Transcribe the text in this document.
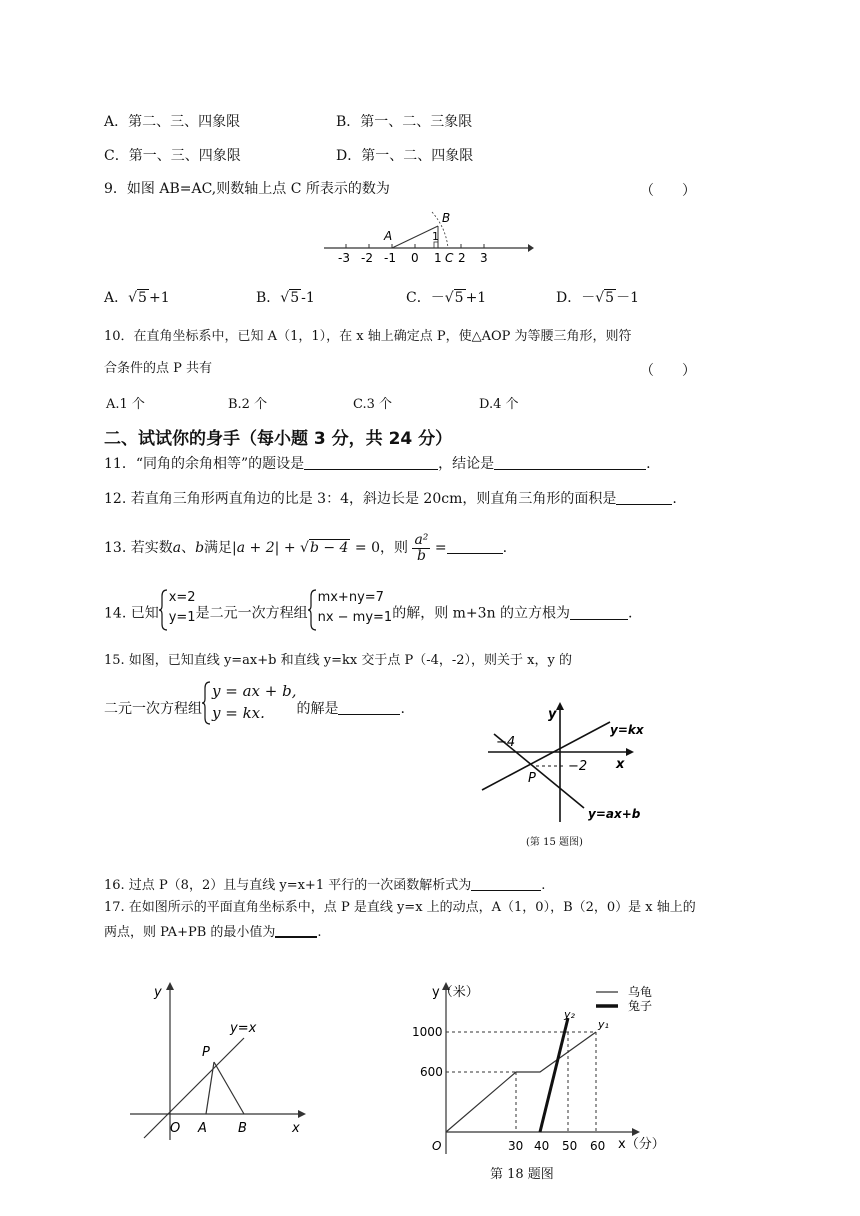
A．第二、三、四象限	B．第一、二、三象限
C．第一、三、四象限	D．第一、二、四象限
9．如图 AB=AC,则数轴上点 C 所表示的数为	（　　）
A
B
1
-3 -2 -1 0 1 C 2 3
A．√5 +1	B．√5 -1	C．－√5 +1	D．－√5 －1
10．在直角坐标系中，已知 A（1，1），在 x 轴上确定点 P，使△AOP 为等腰三角形，则符
合条件的点 P 共有	（　　）
A.1 个	B.2 个	C.3 个	D.4 个
二、试试你的身手（每小题 3 分，共 24 分）
11．“同角的余角相等”的题设是	，结论是	.
12. 若直角三角形两直角边的比是 3：4，斜边长是 20cm，则直角三角形的面积是	.
13. 若实数a、b满足|a + 2| + √b − 4 = 0，则 $\frac{\text{a²}}{b}$ =	.
14. 已知
x=2
y=1 是二元一次方程组
mx+ny=7
nx − my=1 的解，则 m+3n 的立方根为	.
15. 如图，已知直线 y=ax+b 和直线 y=kx 交于点 P（-4，-2），则关于 x，y 的
二元一次方程组
y = ax + b,
y = kx.	的解是	.	y
x
y=kx
y=ax+b
−4
−2
P
(第 15 题图)
16. 过点 P（8，2）且与直线 y=x+1 平行的一次函数解析式为	.
17. 在如图所示的平面直角坐标系中，点 P 是直线 y=x 上的动点，A（1，0），B（2，0）是 x 轴上的
两点，则 PA+PB 的最小值为	.
y
x
y=x
P
O A B
乌龟
兔子
y（米）
x（分）
y₂
y₁
1000
600
30 40 50 60
O
第 18 题图
